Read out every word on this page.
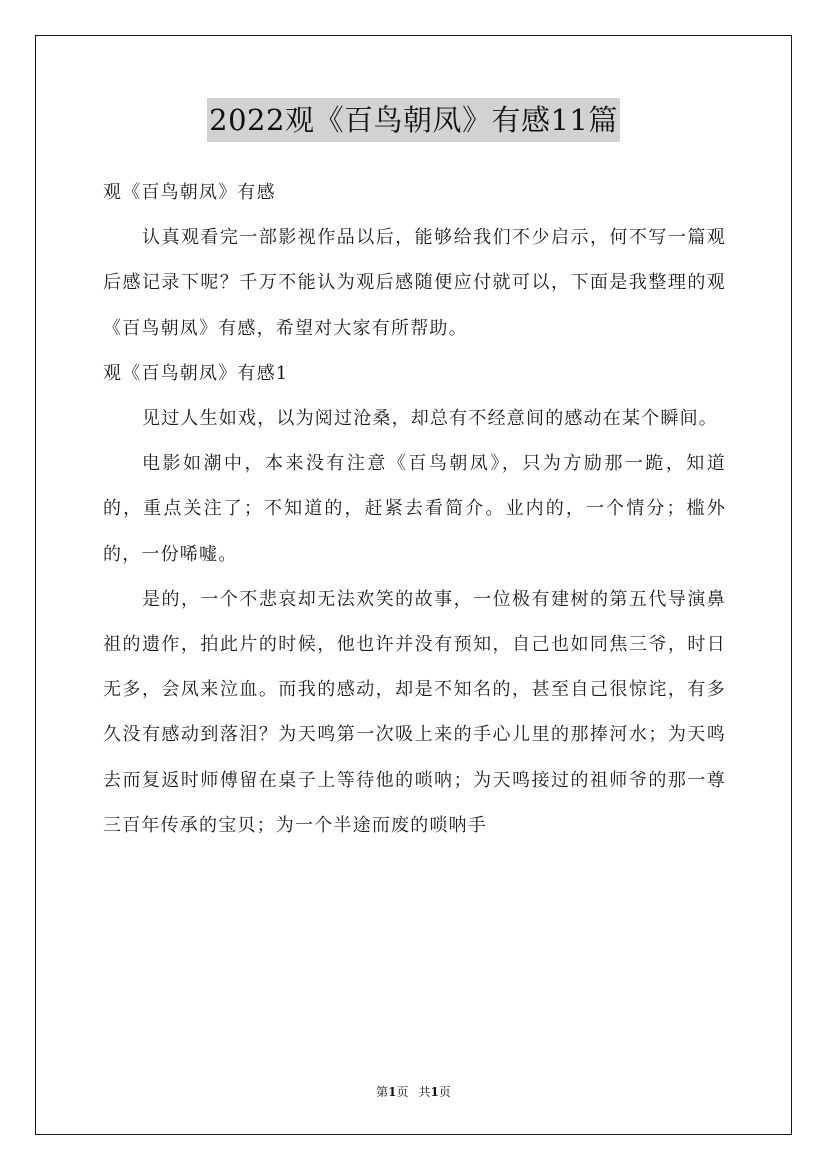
2022观《百鸟朝凤》有感11篇

观《百鸟朝凤》有感

认真观看完一部影视作品以后，能够给我们不少启示，何不写一篇观后感记录下呢？千万不能认为观后感随便应付就可以，下面是我整理的观《百鸟朝凤》有感，希望对大家有所帮助。

观《百鸟朝凤》有感1

见过人生如戏，以为阅过沧桑，却总有不经意间的感动在某个瞬间。

电影如潮中，本来没有注意《百鸟朝凤》，只为方励那一跪，知道的，重点关注了；不知道的，赶紧去看简介。业内的，一个情分；槛外的，一份唏嘘。

是的，一个不悲哀却无法欢笑的故事，一位极有建树的第五代导演鼻祖的遗作，拍此片的时候，他也许并没有预知，自己也如同焦三爷，时日无多，会凤来泣血。而我的感动，却是不知名的，甚至自己很惊诧，有多久没有感动到落泪？为天鸣第一次吸上来的手心儿里的那捧河水；为天鸣去而复返时师傅留在桌子上等待他的唢呐；为天鸣接过的祖师爷的那一尊三百年传承的宝贝；为一个半途而废的唢呐手

第1页 共1页
